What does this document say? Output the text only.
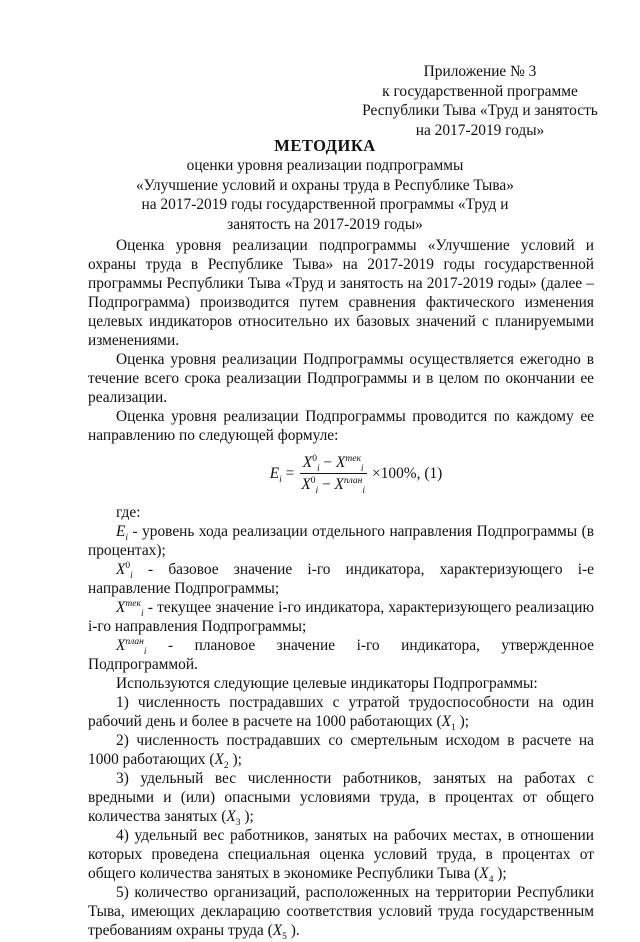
Приложение № 3
к государственной программе
Республики Тыва «Труд и занятость
на 2017-2019 годы»
МЕТОДИКА
оценки уровня реализации подпрограммы
«Улучшение условий и охраны труда в Республике Тыва»
на 2017-2019 годы государственной программы «Труд и
занятость на 2017-2019 годы»

Оценка уровня реализации подпрограммы «Улучшение условий и охраны труда в Республике Тыва» на 2017-2019 годы государственной программы Республики Тыва «Труд и занятость на 2017-2019 годы» (далее – Подпрограмма) производится путем сравнения фактического изменения целевых индикаторов относительно их базовых значений с планируемыми изменениями.

Оценка уровня реализации Подпрограммы осуществляется ежегодно в течение всего срока реализации Подпрограммы и в целом по окончании ее реализации.

Оценка уровня реализации Подпрограммы проводится по каждому ее направлению по следующей формуле:

$E_i = \frac{X^0_i - X^{тек}_i}{X^0_i - X^{план}_i} \times 100\%$, (1)

где:

$E_i$ - уровень хода реализации отдельного направления Подпрограммы (в процентах);

$X^0_i$ - базовое значение i-го индикатора, характеризующего i-е направление Подпрограммы;

$X^{тек}_i$ - текущее значение i-го индикатора, характеризующего реализацию i-го направления Подпрограммы;

$X^{план}_i$ - плановое значение i-го индикатора, утвержденное Подпрограммой.

Используются следующие целевые индикаторы Подпрограммы:

1) численность пострадавших с утратой трудоспособности на один рабочий день и более в расчете на 1000 работающих ($X_1$ );

2) численность пострадавших со смертельным исходом в расчете на 1000 работающих ($X_2$ );

3) удельный вес численности работников, занятых на работах с вредными и (или) опасными условиями труда, в процентах от общего количества занятых ($X_3$ );

4) удельный вес работников, занятых на рабочих местах, в отношении которых проведена специальная оценка условий труда, в процентах от общего количества занятых в экономике Республики Тыва ($X_4$ );

5) количество организаций, расположенных на территории Республики Тыва, имеющих декларацию соответствия условий труда государственным требованиям охраны труда ($X_5$ ).
